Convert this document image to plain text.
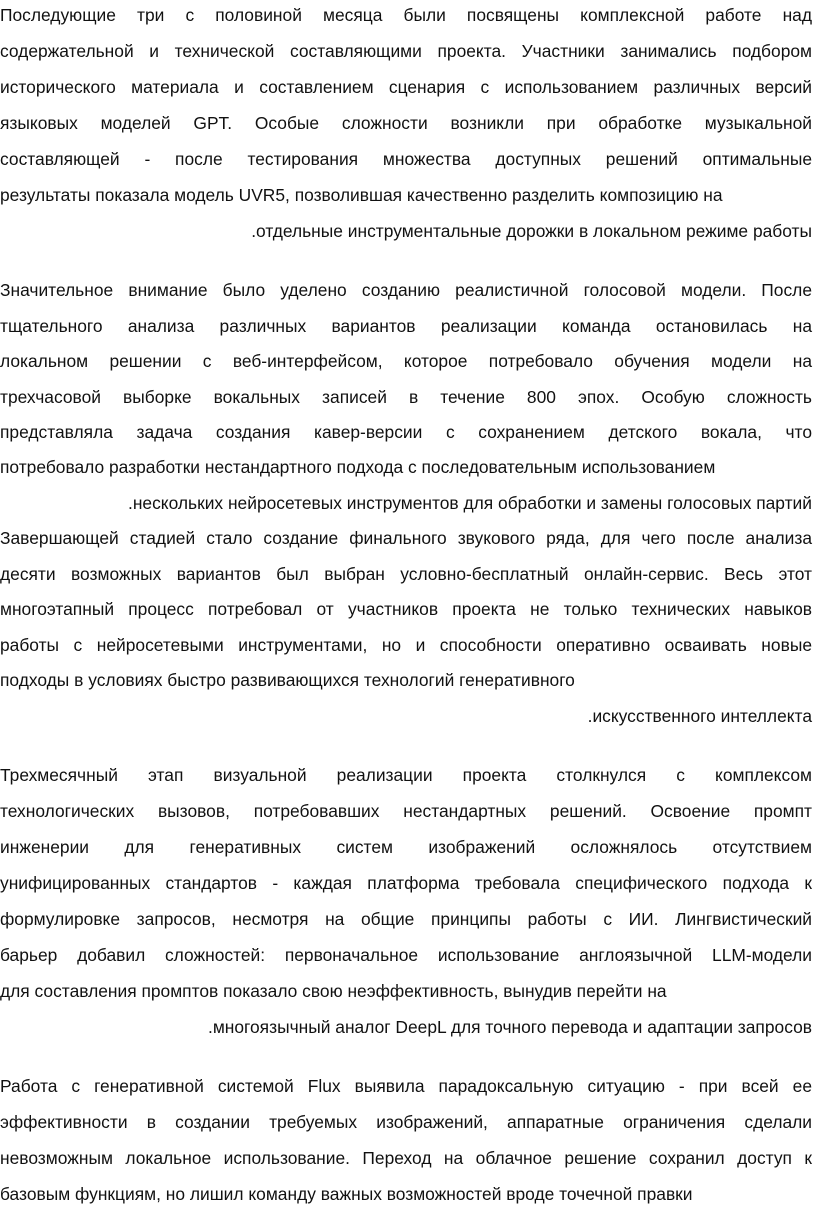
Последующие три с половиной месяца были посвящены комплексной работе над
содержательной и технической составляющими проекта. Участники занимались подбором
исторического материала и составлением сценария с использованием различных версий
языковых моделей GPT. Особые сложности возникли при обработке музыкальной
составляющей - после тестирования множества доступных решений оптимальные
результаты показала модель UVR5, позволившая качественно разделить композицию на
.отдельные инструментальные дорожки в локальном режиме работы
Значительное внимание было уделено созданию реалистичной голосовой модели. После
тщательного анализа различных вариантов реализации команда остановилась на
локальном решении с веб-интерфейсом, которое потребовало обучения модели на
трехчасовой выборке вокальных записей в течение 800 эпох. Особую сложность
представляла задача создания кавер-версии с сохранением детского вокала, что
потребовало разработки нестандартного подхода с последовательным использованием
.нескольких нейросетевых инструментов для обработки и замены голосовых партий
Завершающей стадией стало создание финального звукового ряда, для чего после анализа
десяти возможных вариантов был выбран условно-бесплатный онлайн-сервис. Весь этот
многоэтапный процесс потребовал от участников проекта не только технических навыков
работы с нейросетевыми инструментами, но и способности оперативно осваивать новые
подходы в условиях быстро развивающихся технологий генеративного
.искусственного интеллекта
Трехмесячный этап визуальной реализации проекта столкнулся с комплексом
технологических вызовов, потребовавших нестандартных решений. Освоение промпт
инженерии для генеративных систем изображений осложнялось отсутствием
унифицированных стандартов - каждая платформа требовала специфического подхода к
формулировке запросов, несмотря на общие принципы работы с ИИ. Лингвистический
барьер добавил сложностей: первоначальное использование англоязычной LLM-модели
для составления промптов показало свою неэффективность, вынудив перейти на
.многоязычный аналог DeepL для точного перевода и адаптации запросов
Работа с генеративной системой Flux выявила парадоксальную ситуацию - при всей ее
эффективности в создании требуемых изображений, аппаратные ограничения сделали
невозможным локальное использование. Переход на облачное решение сохранил доступ к
базовым функциям, но лишил команду важных возможностей вроде точечной правки
